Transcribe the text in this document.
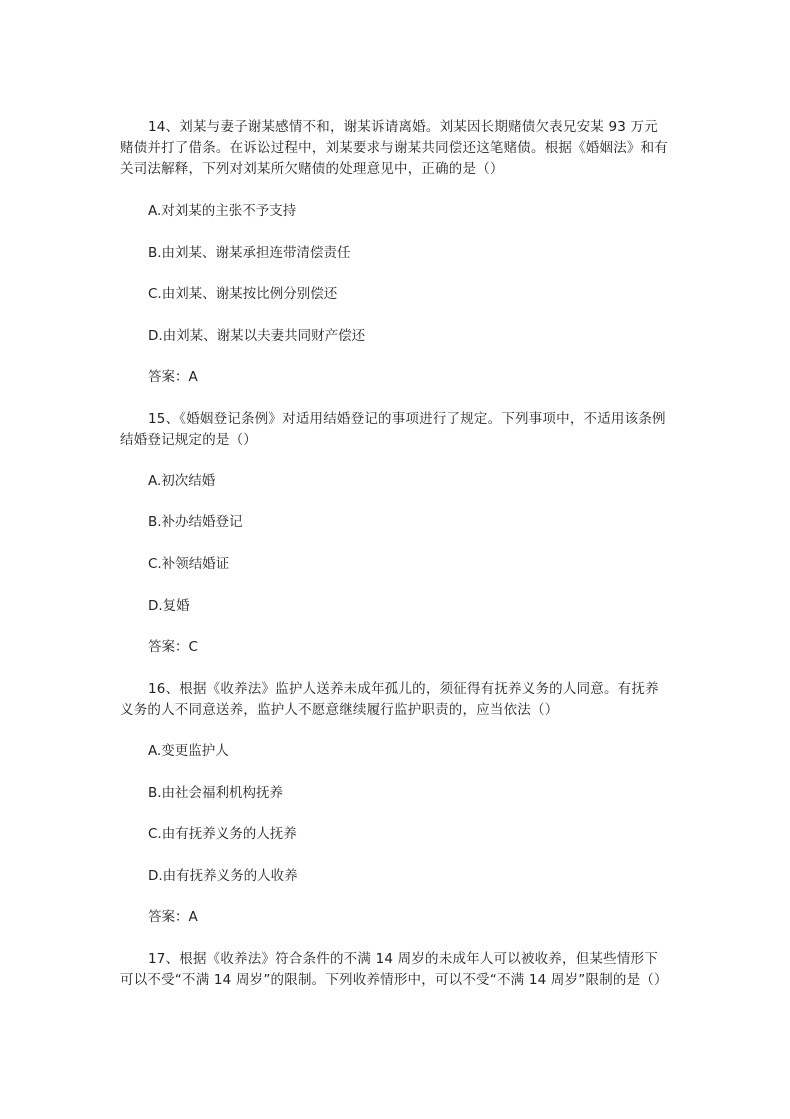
14、刘某与妻子谢某感情不和，谢某诉请离婚。刘某因长期赌债欠表兄安某 93 万元赌债并打了借条。在诉讼过程中，刘某要求与谢某共同偿还这笔赌债。根据《婚姻法》和有关司法解释，下列对刘某所欠赌债的处理意见中，正确的是（）

A.对刘某的主张不予支持

B.由刘某、谢某承担连带清偿责任

C.由刘某、谢某按比例分别偿还

D.由刘某、谢某以夫妻共同财产偿还

答案：A

15、《婚姻登记条例》对适用结婚登记的事项进行了规定。下列事项中，不适用该条例结婚登记规定的是（）

A.初次结婚

B.补办结婚登记

C.补领结婚证

D.复婚

答案：C

16、根据《收养法》监护人送养未成年孤儿的，须征得有抚养义务的人同意。有抚养义务的人不同意送养，监护人不愿意继续履行监护职责的，应当依法（）

A.变更监护人

B.由社会福利机构抚养

C.由有抚养义务的人抚养

D.由有抚养义务的人收养

答案：A

17、根据《收养法》符合条件的不满 14 周岁的未成年人可以被收养，但某些情形下可以不受“不满 14 周岁”的限制。下列收养情形中，可以不受“不满 14 周岁”限制的是（）
